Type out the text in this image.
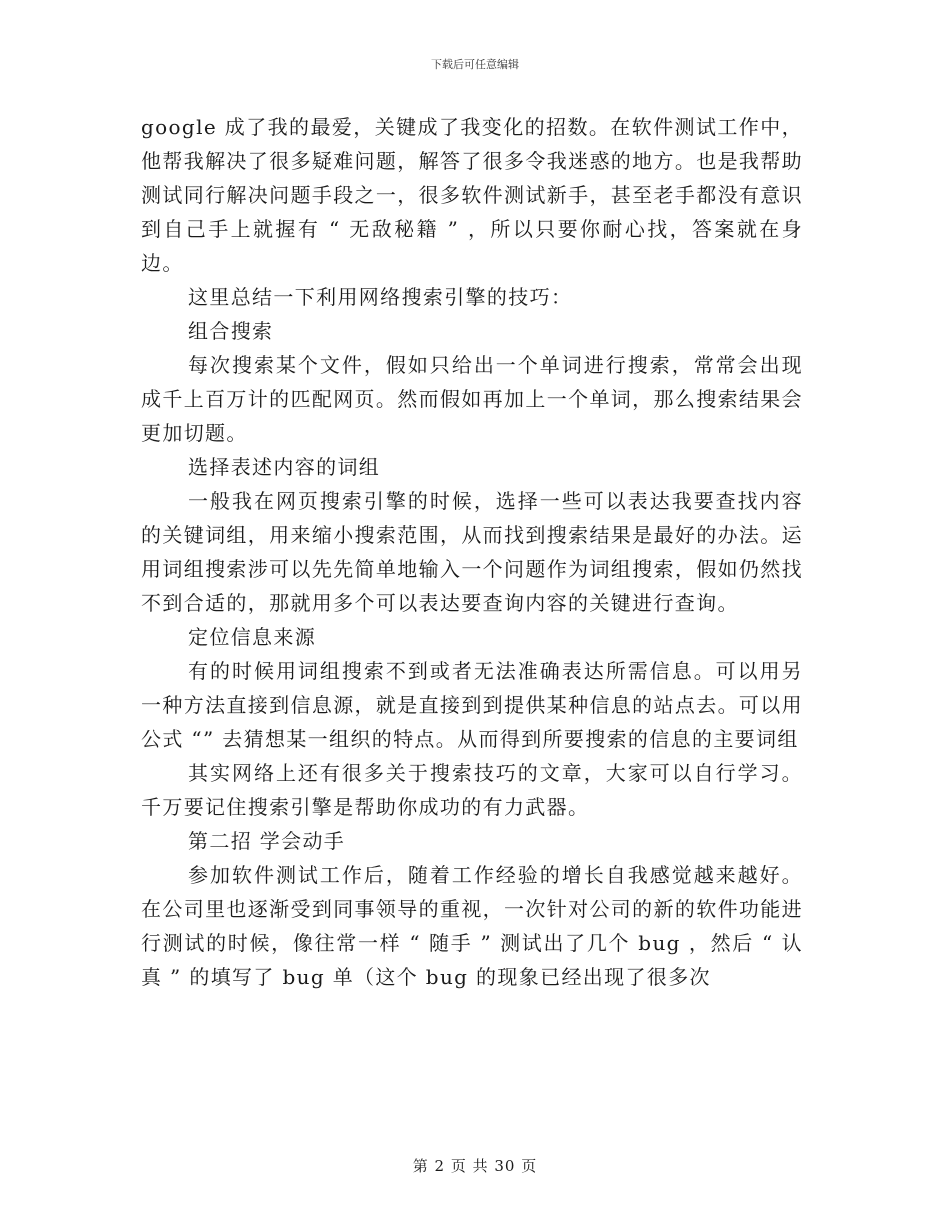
下载后可任意编辑

google 成了我的最爱，关键成了我变化的招数。在软件测试工作中，他帮我解决了很多疑难问题，解答了很多令我迷惑的地方。也是我帮助测试同行解决问题手段之一，很多软件测试新手，甚至老手都没有意识到自己手上就握有 “ 无敌秘籍 ” ，所以只要你耐心找，答案就在身边。

这里总结一下利用网络搜索引擎的技巧：

组合搜索

每次搜索某个文件，假如只给出一个单词进行搜索，常常会出现成千上百万计的匹配网页。然而假如再加上一个单词，那么搜索结果会更加切题。

选择表述内容的词组

一般我在网页搜索引擎的时候，选择一些可以表达我要查找内容的关键词组，用来缩小搜索范围，从而找到搜索结果是最好的办法。运用词组搜索涉可以先先简单地输入一个问题作为词组搜索，假如仍然找不到合适的，那就用多个可以表达要查询内容的关键进行查询。

定位信息来源

有的时候用词组搜索不到或者无法准确表达所需信息。可以用另一种方法直接到信息源，就是直接到到提供某种信息的站点去。可以用公式 “” 去猜想某一组织的特点。从而得到所要搜索的信息的主要词组

其实网络上还有很多关于搜索技巧的文章，大家可以自行学习。千万要记住搜索引擎是帮助你成功的有力武器。

第二招 学会动手

参加软件测试工作后，随着工作经验的增长自我感觉越来越好。在公司里也逐渐受到同事领导的重视，一次针对公司的新的软件功能进行测试的时候，像往常一样 “ 随手 ” 测试出了几个 bug ，然后 “ 认真 ” 的填写了 bug 单（这个 bug 的现象已经出现了很多次

第 2 页 共 30 页
